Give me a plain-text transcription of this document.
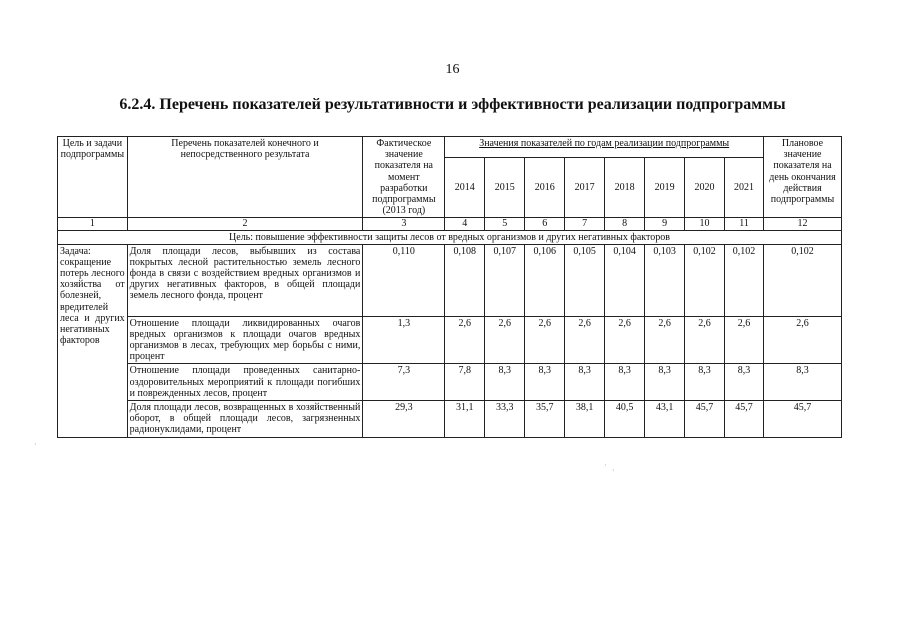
16
6.2.4. Перечень показателей результативности и эффективности реализации подпрограммы
Цель и задачи подпрограммы	Перечень показателей конечного и непосредственного результата	Фактическое значение показателя на момент разработки подпрограммы (2013 год)	Значения показателей по годам реализации подпрограммы								Плановое значение показателя на день окончания действия подпрограммы
			2014	2015	2016	2017	2018	2019	2020	2021	
1	2	3	4	5	6	7	8	9	10	11	12
Цель: повышение эффективности защиты лесов от вредных организмов и других негативных факторов											
Задача: сокращение потерь лесного хозяйства от болезней, вредителей леса и других негативных факторов	Доля площади лесов, выбывших из состава покрытых лесной растительностью земель лесного фонда в связи с воздействием вредных организмов и других негативных факторов, в общей площади земель лесного фонда, процент	0,110	0,108	0,107	0,106	0,105	0,104	0,103	0,102	0,102	0,102
	Отношение площади ликвидированных очагов вредных организмов к площади очагов вредных организмов в лесах, требующих мер борьбы с ними, процент	1,3	2,6	2,6	2,6	2,6	2,6	2,6	2,6	2,6	2,6
	Отношение площади проведенных санитарно-оздоровительных мероприятий к площади погибших и поврежденных лесов, процент	7,3	7,8	8,3	8,3	8,3	8,3	8,3	8,3	8,3	8,3
	Доля площади лесов, возвращенных в хозяйственный оборот, в общей площади лесов, загрязненных радионуклидами, процент	29,3	31,1	33,3	35,7	38,1	40,5	43,1	45,7	45,7	45,7
·
·
·
